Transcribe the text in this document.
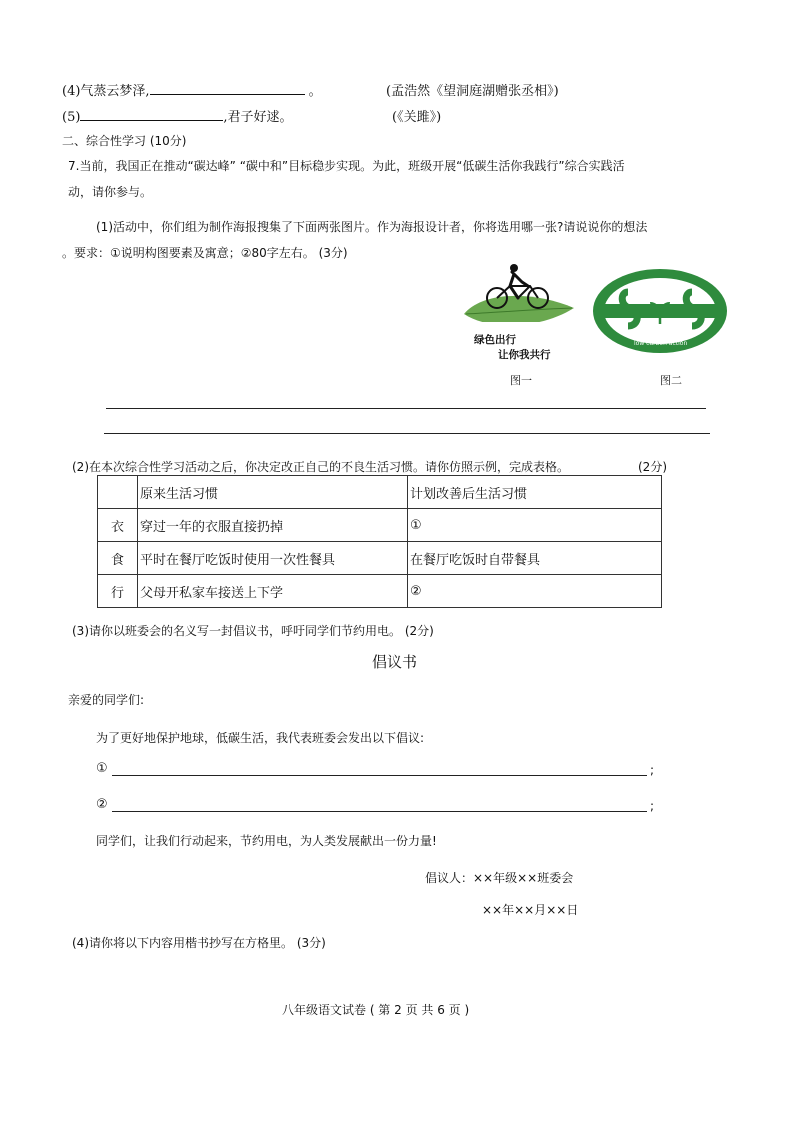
(4)气蒸云梦泽,	。	(孟浩然《望洞庭湖赠张丞相》)
(5)	,君子好逑。	(《关雎》)
二、综合性学习 (10分)
7.当前，我国正在推动“碳达峰” “碳中和”目标稳步实现。为此，班级开展“低碳生活你我践行”综合实践活
动，请你参与。
(1)活动中，你们组为制作海报搜集了下面两张图片。作为海报设计者，你将选用哪一张?请说说你的想法
。要求：①说明构图要素及寓意；②80字左右。 (3分)
绿色出行
让你我共行
图一
低碳行動
low carbon action
图二
(2)在本次综合性学习活动之后，你决定改正自己的不良生活习惯。请你仿照示例，完成表格。	(2分)
	原来生活习惯	计划改善后生活习惯
衣	穿过一年的衣服直接扔掉	①
食	平时在餐厅吃饭时使用一次性餐具	在餐厅吃饭时自带餐具
行	父母开私家车接送上下学	②
(3)请你以班委会的名义写一封倡议书，呼吁同学们节约用电。 (2分)
倡议书
亲爱的同学们:
为了更好地保护地球，低碳生活，我代表班委会发出以下倡议:
①	;
②	;
同学们，让我们行动起来，节约用电，为人类发展献出一份力量!
倡议人：××年级××班委会
××年××月××日
(4)请你将以下内容用楷书抄写在方格里。 (3分)
八年级语文试卷 ( 第 2 页 共 6 页 )
